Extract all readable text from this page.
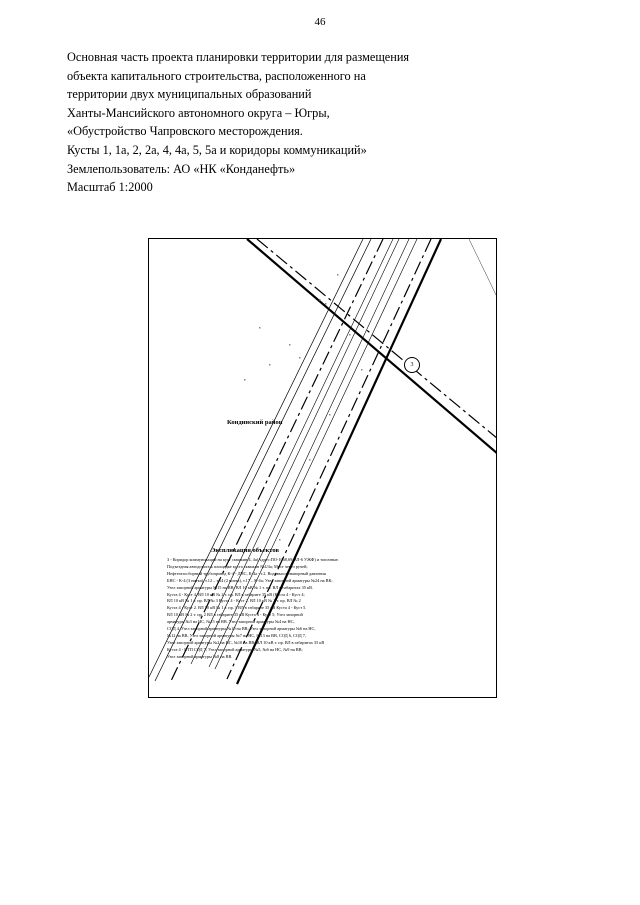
46
Основная часть проекта планировки территории для размещения
объекта капитального строительства, расположенного на
территории двух муниципальных образований
Ханты-Мансийского автономного округа – Югры,
«Обустройство Чапровского месторождения.
Кусты 1, 1а, 2, 2а, 4, 4а, 5, 5а и коридоры коммуникаций»
Землепользователь: АО «НК «Конданефть»
Масштаб 1:2000
Кондинский район
3
Экспликация объектов
3 - Коридор коммуникаций на куст скважин 4, 4а(Адрес:ПО-1068,69-ВЛ-6 УЖФ) и топочные.
Подъездная автодорога к площадке куста скважин №4/4а; Мост через ручей;
Нефтегазосборный трубопровод К-4 - ДНС, К-4а - т.2. Водовысоконапорный давления
БНС - К-4 (3 нитка), т.12 – т.14 (2 нитка), т.17 – К-4а; Узел запорной арматуры №24 на ВК;
Узел запорной арматуры №15 на ВВ; ВЛ 10 кВ № 1 т. пр. ВЛ в габаритах 35 кВ.
Куста 4 - Куст 4. ВЛ 10 кВ № 2 т. пр. ВЛ в габарите 35 кВ (Куста 4 - Куст 4;
ВЛ 10 кВ № 1 т. пр. ВЛ № 3 Куста 4 - Куст 2. ВЛ 10 кВ № 2 т. пр. ВЛ № 2
Куста 4 - Куст 2. ВЛ 10 кВ № 1 т. пр. 1 ВЛ в габарите 35 кВ Куста 4 - Куст 5.
ВЛ 10 кВ № 2 т. пр. 2 ВЛ в габарите 35 кВ Куста 4 - Куст 5; Узел запорной
арматуры №3 на НС, №15 на ВВ. Узел запорной арматуры №4 на НС,
СОД 4. Узел запорной арматуры №10 на ВВ; Узел запорной арматуры №6 на НС,
№12 на ВВ, Узел запорной арматуры №7 на НС, №13 на ВВ, СОД 6, СОД 7,
Узел запорной арматуры №2 на НС, №10 на ВВ; ВЛ 10 кВ т. пр. ВЛ в габаритах 35 кВ
Куста 4 - КТП СОД 7; Узел запорной арматуры №5, №6 на НС, №9 на ВВ;
Узел запорной арматуры №8 на ВВ.
